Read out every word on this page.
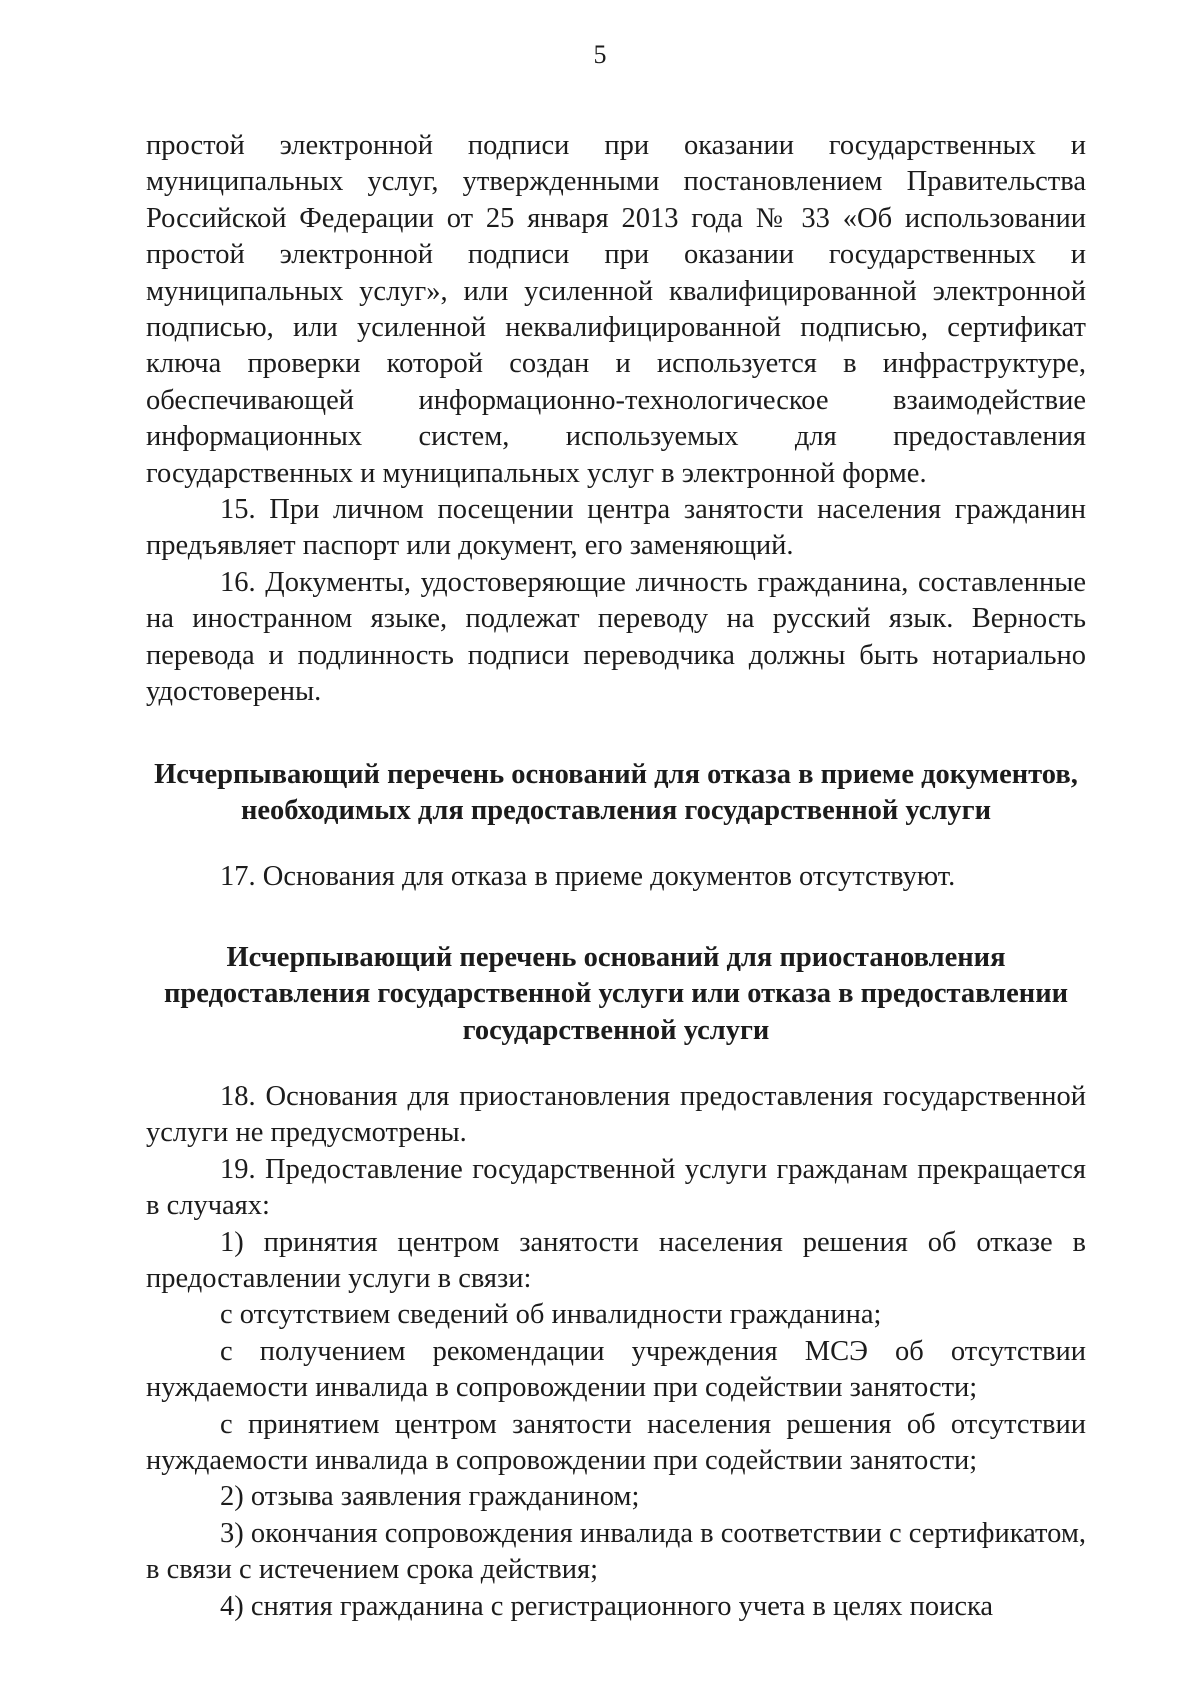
5

простой электронной подписи при оказании государственных и муниципальных услуг, утвержденными постановлением Правительства Российской Федерации от 25 января 2013 года № 33 «Об использовании простой электронной подписи при оказании государственных и муниципальных услуг», или усиленной квалифицированной электронной подписью, или усиленной неквалифицированной подписью, сертификат ключа проверки которой создан и используется в инфраструктуре, обеспечивающей информационно-технологическое взаимодействие информационных систем, используемых для предоставления государственных и муниципальных услуг в электронной форме.

15. При личном посещении центра занятости населения гражданин предъявляет паспорт или документ, его заменяющий.

16. Документы, удостоверяющие личность гражданина, составленные на иностранном языке, подлежат переводу на русский язык. Верность перевода и подлинность подписи переводчика должны быть нотариально удостоверены.

Исчерпывающий перечень оснований для отказа в приеме документов, необходимых для предоставления государственной услуги

17. Основания для отказа в приеме документов отсутствуют.

Исчерпывающий перечень оснований для приостановления предоставления государственной услуги или отказа в предоставлении государственной услуги

18. Основания для приостановления предоставления государственной услуги не предусмотрены.

19. Предоставление государственной услуги гражданам прекращается в случаях:

1) принятия центром занятости населения решения об отказе в предоставлении услуги в связи:

с отсутствием сведений об инвалидности гражданина;

с получением рекомендации учреждения МСЭ об отсутствии нуждаемости инвалида в сопровождении при содействии занятости;

с принятием центром занятости населения решения об отсутствии нуждаемости инвалида в сопровождении при содействии занятости;

2) отзыва заявления гражданином;

3) окончания сопровождения инвалида в соответствии с сертификатом, в связи с истечением срока действия;

4) снятия гражданина с регистрационного учета в целях поиска
